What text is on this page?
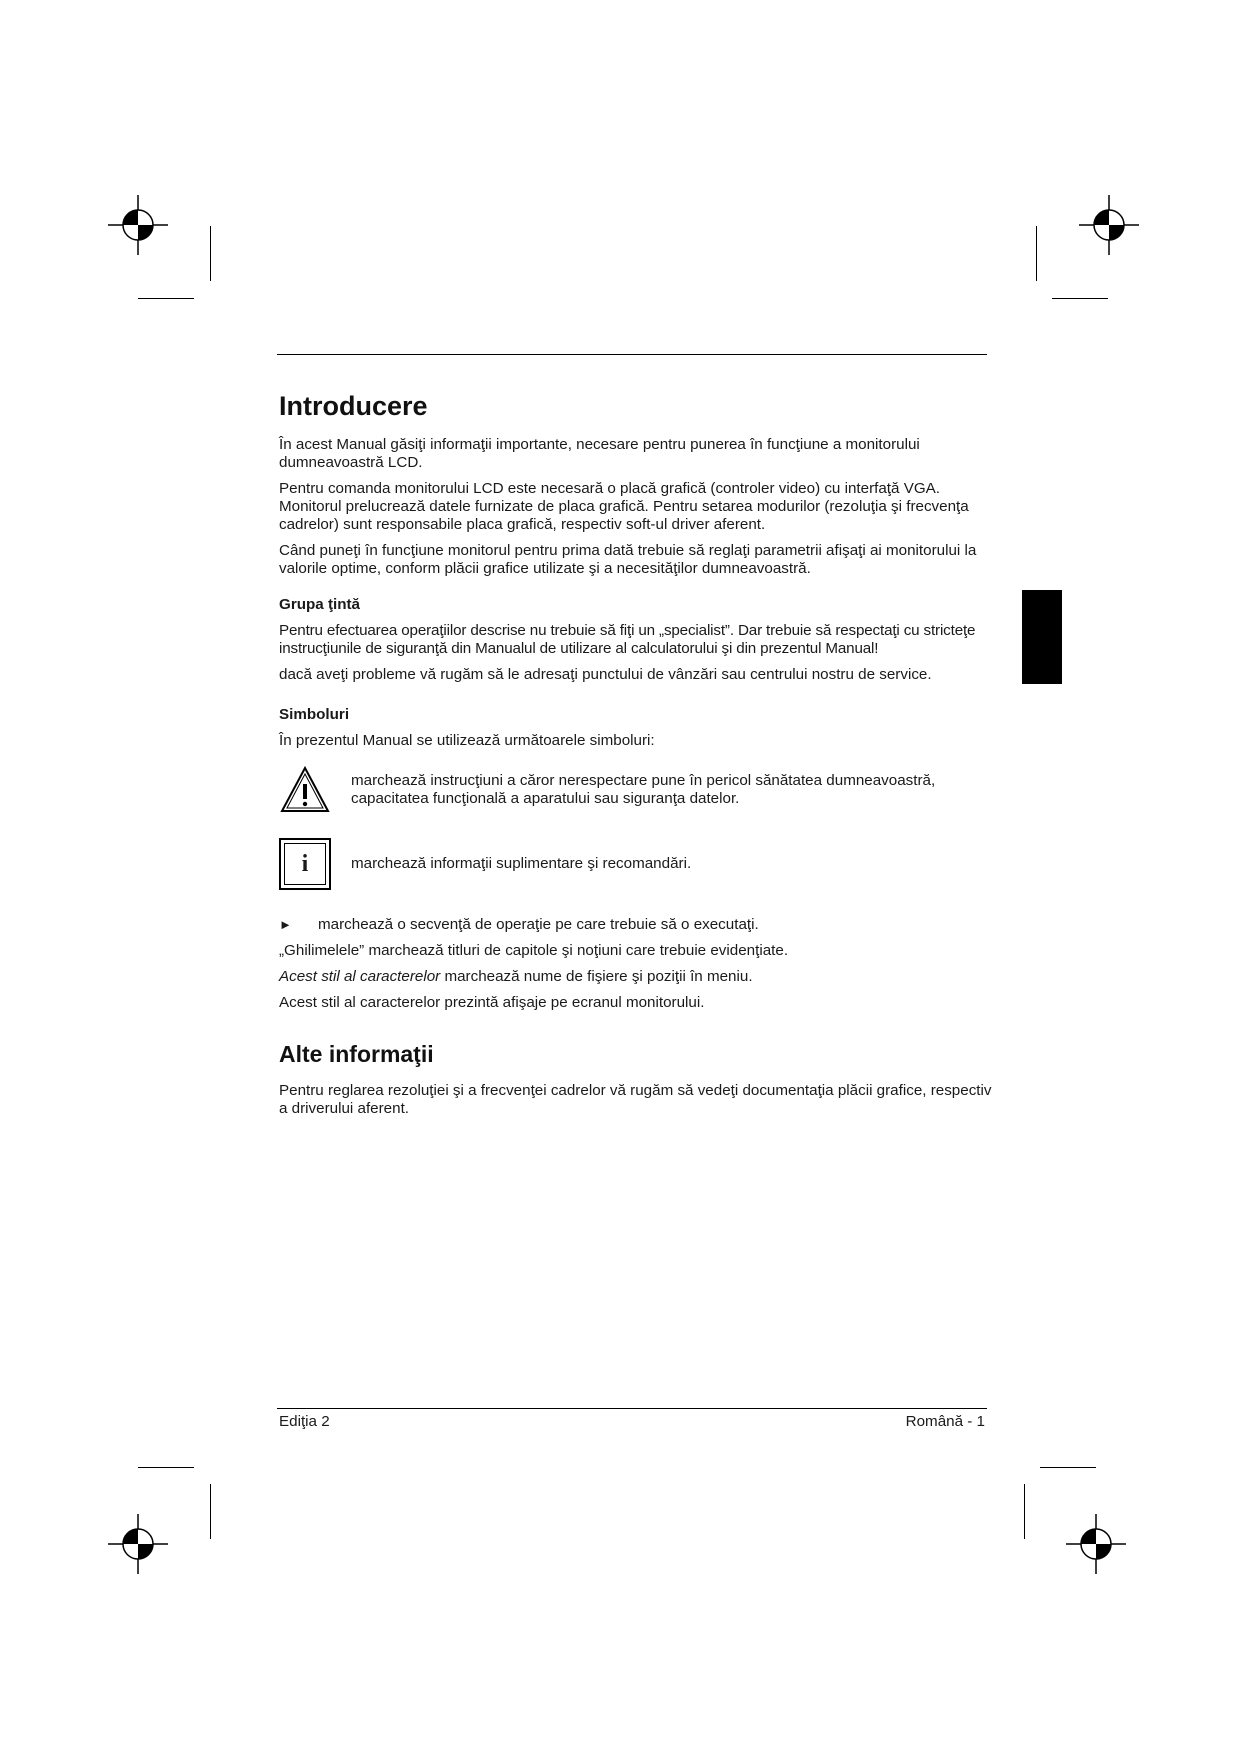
Introducere

În acest Manual găsiţi informaţii importante, necesare pentru punerea în funcţiune a monitorului dumneavoastră LCD.

Pentru comanda monitorului LCD este necesară o placă grafică (controler video) cu interfaţă VGA. Monitorul prelucrează datele furnizate de placa grafică. Pentru setarea modurilor (rezoluţia şi frecvenţa cadrelor) sunt responsabile placa grafică, respectiv soft-ul driver aferent.

Când puneţi în funcţiune monitorul pentru prima dată trebuie să reglaţi parametrii afişaţi ai monitorului la valorile optime, conform plăcii grafice utilizate şi a necesităţilor dumneavoastră.

Grupa ţintă

Pentru efectuarea operaţiilor descrise nu trebuie să fiţi un „specialist”. Dar trebuie să respectaţi cu stricteţe instrucţiunile de siguranţă din Manualul de utilizare al calculatorului şi din prezentul Manual!

dacă aveţi probleme vă rugăm să le adresaţi punctului de vânzări sau centrului nostru de service.

Simboluri

În prezentul Manual se utilizează următoarele simboluri:

marchează instrucţiuni a căror nerespectare pune în pericol sănătatea dumneavoastră, capacitatea funcţională a aparatului sau siguranţa datelor.
i	marchează informaţii suplimentare şi recomandări.
►	marchează o secvenţă de operaţie pe care trebuie să o executaţi.

„Ghilimelele” marchează titluri de capitole şi noţiuni care trebuie evidenţiate.

Acest stil al caracterelor marchează nume de fişiere şi poziţii în meniu.

Acest stil al caracterelor prezintă afişaje pe ecranul monitorului.

Alte informaţii

Pentru reglarea rezoluţiei şi a frecvenţei cadrelor vă rugăm să vedeţi documentaţia plăcii grafice, respectiv a driverului aferent.

Ediţia 2	Română - 1
